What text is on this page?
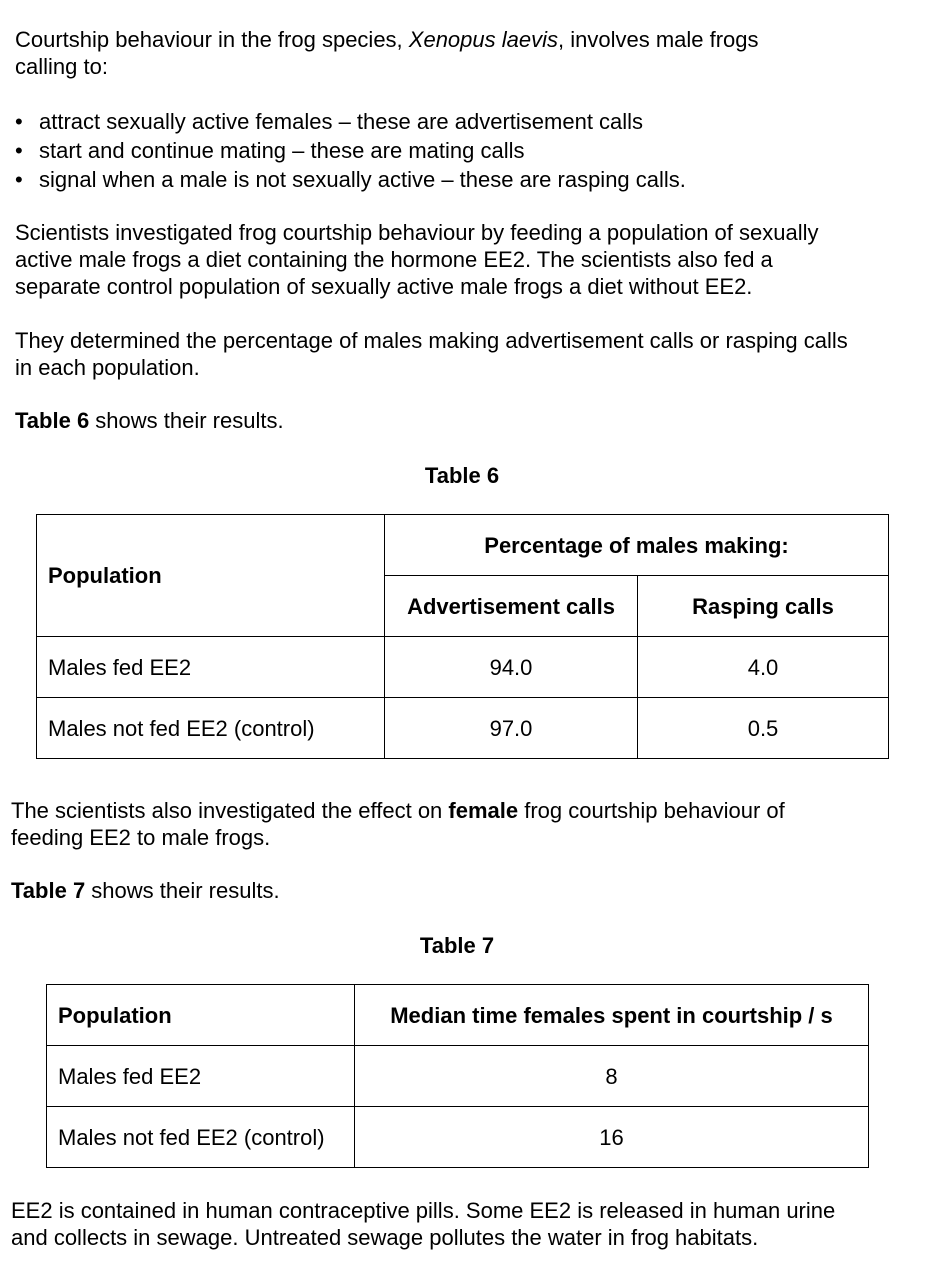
Courtship behaviour in the frog species, Xenopus laevis, involves male frogs
calling to:

• attract sexually active females – these are advertisement calls
• start and continue mating – these are mating calls
• signal when a male is not sexually active – these are rasping calls.

Scientists investigated frog courtship behaviour by feeding a population of sexually
active male frogs a diet containing the hormone EE2. The scientists also fed a
separate control population of sexually active male frogs a diet without EE2.

They determined the percentage of males making advertisement calls or rasping calls
in each population.

Table 6 shows their results.

Table 6
Population	Percentage of males making:	
	Advertisement calls	Rasping calls
Males fed EE2	94.0	4.0
Males not fed EE2 (control)	97.0	0.5

The scientists also investigated the effect on female frog courtship behaviour of
feeding EE2 to male frogs.

Table 7 shows their results.

Table 7
Population	Median time females spent in courtship / s
Males fed EE2	8
Males not fed EE2 (control)	16

EE2 is contained in human contraceptive pills. Some EE2 is released in human urine
and collects in sewage. Untreated sewage pollutes the water in frog habitats.
